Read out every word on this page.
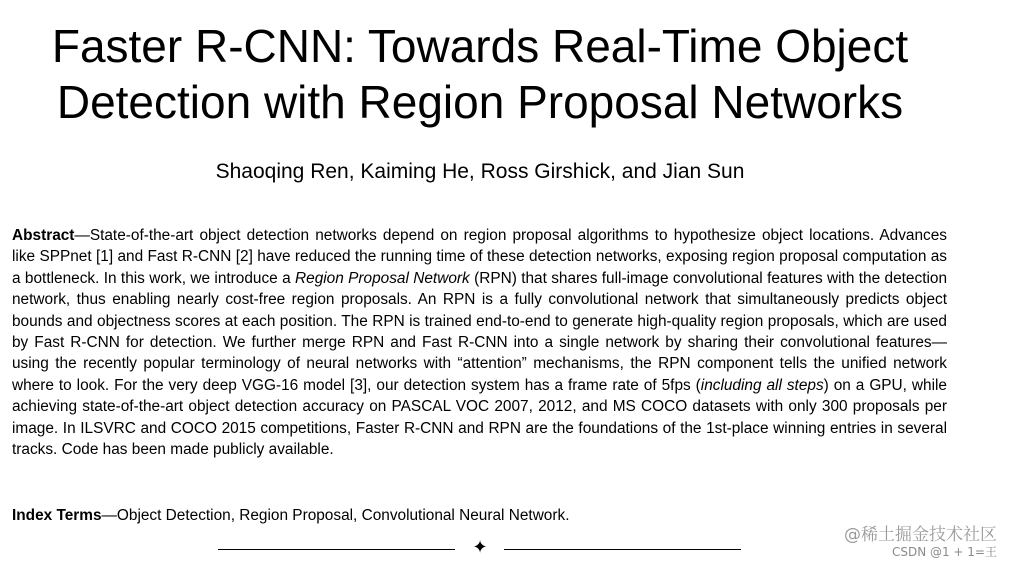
Faster R-CNN: Towards Real-Time Object
Detection with Region Proposal Networks
Shaoqing Ren, Kaiming He, Ross Girshick, and Jian Sun

Abstract—State-of-the-art object detection networks depend on region proposal algorithms to hypothesize object locations. Advances like SPPnet [1] and Fast R-CNN [2] have reduced the running time of these detection networks, exposing region proposal computation as a bottleneck. In this work, we introduce a Region Proposal Network (RPN) that shares full-image convolutional features with the detection network, thus enabling nearly cost-free region proposals. An RPN is a fully convolutional network that simultaneously predicts object bounds and objectness scores at each position. The RPN is trained end-to-end to generate high-quality region proposals, which are used by Fast R-CNN for detection. We further merge RPN and Fast R-CNN into a single network by sharing their convolutional features—using the recently popular terminology of neural networks with “attention” mechanisms, the RPN component tells the unified network where to look. For the very deep VGG-16 model [3], our detection system has a frame rate of 5fps (including all steps) on a GPU, while achieving state-of-the-art object detection accuracy on PASCAL VOC 2007, 2012, and MS COCO datasets with only 300 proposals per image. In ILSVRC and COCO 2015 competitions, Faster R-CNN and RPN are the foundations of the 1st-place winning entries in several tracks. Code has been made publicly available.

Index Terms—Object Detection, Region Proposal, Convolutional Neural Network.

✦
@稀土掘金技术社区
CSDN @1 + 1=王
